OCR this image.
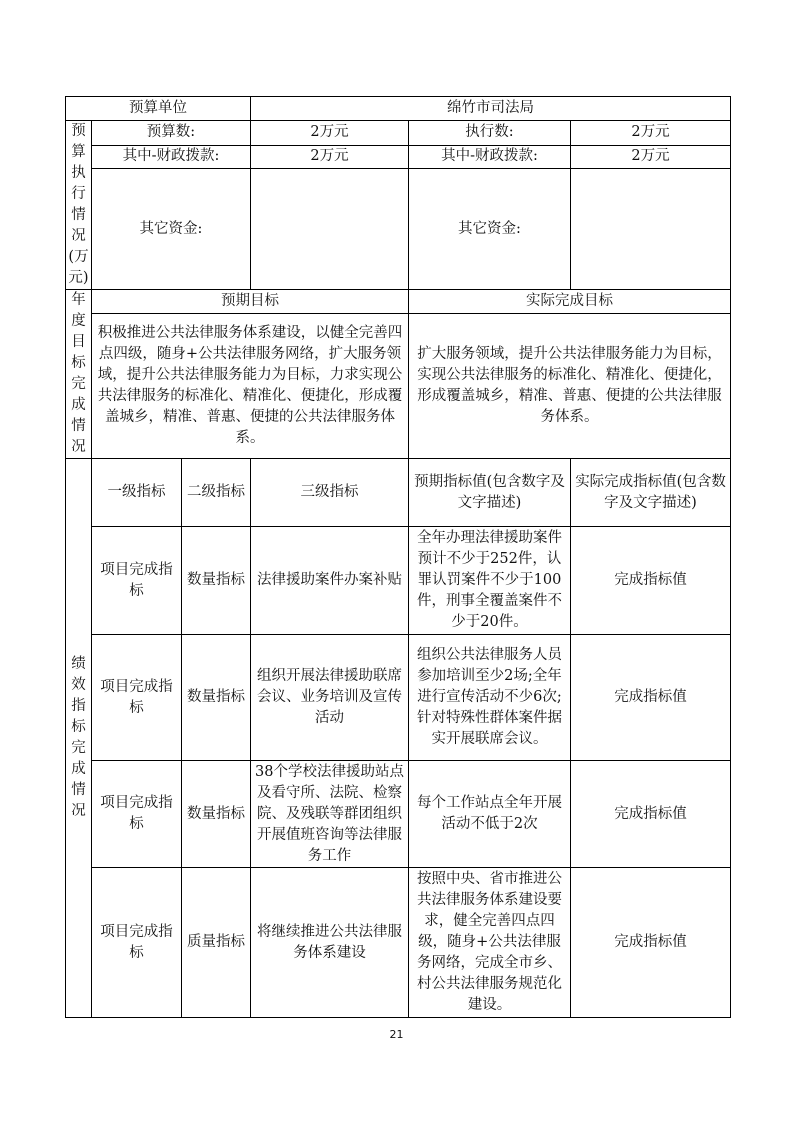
预算单位			绵竹市司法局		
预算执行情况(万元)	预算数:		2万元	执行数:	2万元
	其中-财政拨款:		2万元	其中-财政拨款:	2万元
	其它资金:			其它资金:	

年度目标完成情况	预期目标			实际完成目标	
	积极推进公共法律服务体系建设，以健全完善四点四级，随身+公共法律服务网络，扩大服务领域，提升公共法律服务能力为目标，力求实现公共法律服务的标准化、精准化、便捷化，形成覆盖城乡，精准、普惠、便捷的公共法律服务体系。			扩大服务领域，提升公共法律服务能力为目标，实现公共法律服务的标准化、精准化、便捷化，形成覆盖城乡，精准、普惠、便捷的公共法律服务体系。	
绩效指标完成情况	一级指标	二级指标	三级指标	预期指标值(包含数字及文字描述)	实际完成指标值(包含数字及文字描述)
	项目完成指标	数量指标	法律援助案件办案补贴	全年办理法律援助案件预计不少于252件，认罪认罚案件不少于100件，刑事全覆盖案件不少于20件。	完成指标值
	项目完成指标	数量指标	组织开展法律援助联席会议、业务培训及宣传活动	组织公共法律服务人员参加培训至少2场;全年进行宣传活动不少6次;针对特殊性群体案件据实开展联席会议。	完成指标值
	项目完成指标	数量指标	38个学校法律援助站点及看守所、法院、检察院、及残联等群团组织开展值班咨询等法律服务工作	每个工作站点全年开展活动不低于2次	完成指标值
	项目完成指标	质量指标	将继续推进公共法律服务体系建设	按照中央、省市推进公共法律服务体系建设要求，健全完善四点四级，随身+公共法律服务网络，完成全市乡、村公共法律服务规范化建设。	完成指标值
21
